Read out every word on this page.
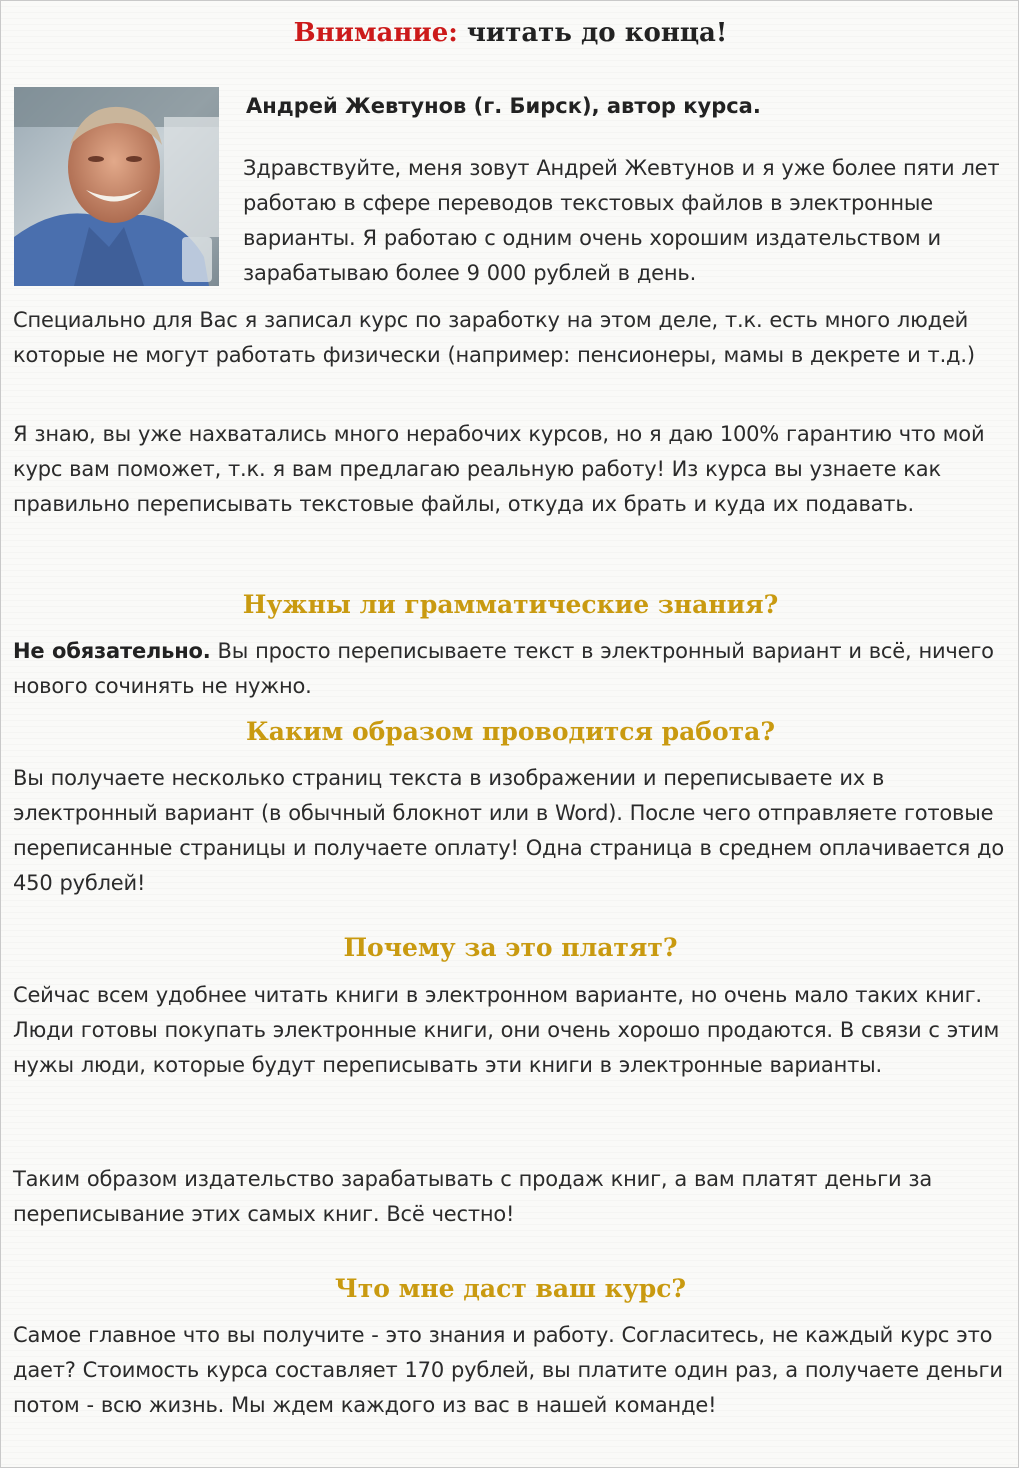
Внимание: читать до конца!
Андрей Жевтунов (г. Бирск), автор курса.

Здравствуйте, меня зовут Андрей Жевтунов и я уже более пяти лет работаю в сфере переводов текстовых файлов в электронные варианты. Я работаю с одним очень хорошим издательством и зарабатываю более 9 000 рублей в день.

Специально для Вас я записал курс по заработку на этом деле, т.к. есть много людей которые не могут работать физически (например: пенсионеры, мамы в декрете и т.д.)

Я знаю, вы уже нахватались много нерабочих курсов, но я даю 100% гарантию что мой курс вам поможет, т.к. я вам предлагаю реальную работу! Из курса вы узнаете как правильно переписывать текстовые файлы, откуда их брать и куда их подавать.

Нужны ли грамматические знания?

Не обязательно. Вы просто переписываете текст в электронный вариант и всё, ничего нового сочинять не нужно.

Каким образом проводится работа?

Вы получаете несколько страниц текста в изображении и переписываете их в электронный вариант (в обычный блокнот или в Word). После чего отправляете готовые переписанные страницы и получаете оплату! Одна страница в среднем оплачивается до 450 рублей!

Почему за это платят?

Сейчас всем удобнее читать книги в электронном варианте, но очень мало таких книг. Люди готовы покупать электронные книги, они очень хорошо продаются. В связи с этим нужы люди, которые будут переписывать эти книги в электронные варианты.

Таким образом издательство зарабатывать с продаж книг, а вам платят деньги за переписывание этих самых книг. Всё честно!

Что мне даст ваш курс?

Самое главное что вы получите - это знания и работу. Согласитесь, не каждый курс это дает? Стоимость курса составляет 170 рублей, вы платите один раз, а получаете деньги потом - всю жизнь. Мы ждем каждого из вас в нашей команде!
